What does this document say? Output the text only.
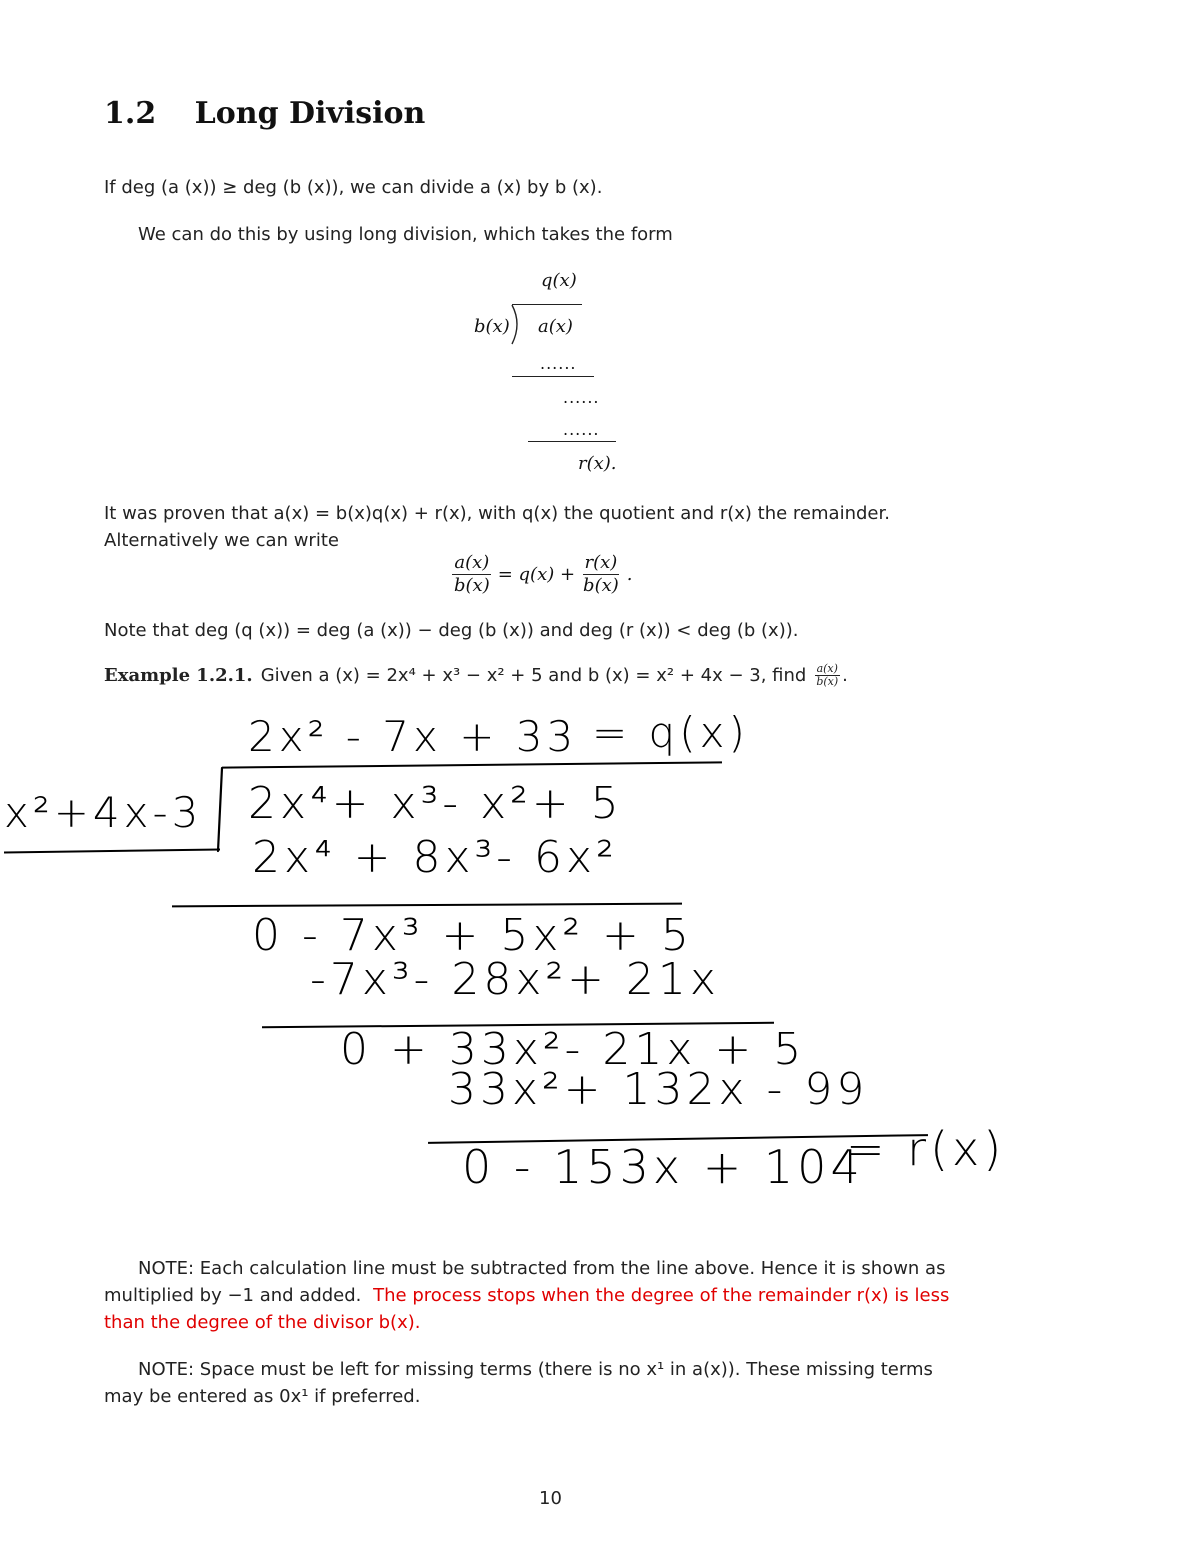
1.2 Long Division
If deg (a (x)) ≥ deg (b (x)), we can divide a (x) by b (x).
We can do this by using long division, which takes the form
q(x)
b(x) a(x)
......
......
......
r(x).
It was proven that a(x) = b(x)q(x) + r(x), with q(x) the quotient and r(x) the remainder.
Alternatively we can write
$\frac{a(x)}{b(x)} = q(x) + \frac{r(x)}{b(x)}$ .
Note that deg (q (x)) = deg (a (x)) − deg (b (x)) and deg (r (x)) < deg (b (x)).
Example 1.2.1. Given a (x) = 2x⁴ + x³ − x² + 5 and b (x) = x² + 4x − 3, find $\frac{a(x)}{b(x)}$ .
2x² - 7x + 33 = q(x)
x²+4x-3 2x⁴+ x³- x²+ 5
2x⁴ + 8x³- 6x²
0 - 7x³ + 5x² + 5
-7x³- 28x²+ 21x
0 + 33x²- 21x + 5
33x²+ 132x - 99
0 - 153x + 104
= r(x)
NOTE: Each calculation line must be subtracted from the line above. Hence it is shown as
multiplied by −1 and added. The process stops when the degree of the remainder r(x) is less
than the degree of the divisor b(x).
NOTE: Space must be left for missing terms (there is no x¹ in a(x)). These missing terms
may be entered as 0x¹ if preferred.
10
